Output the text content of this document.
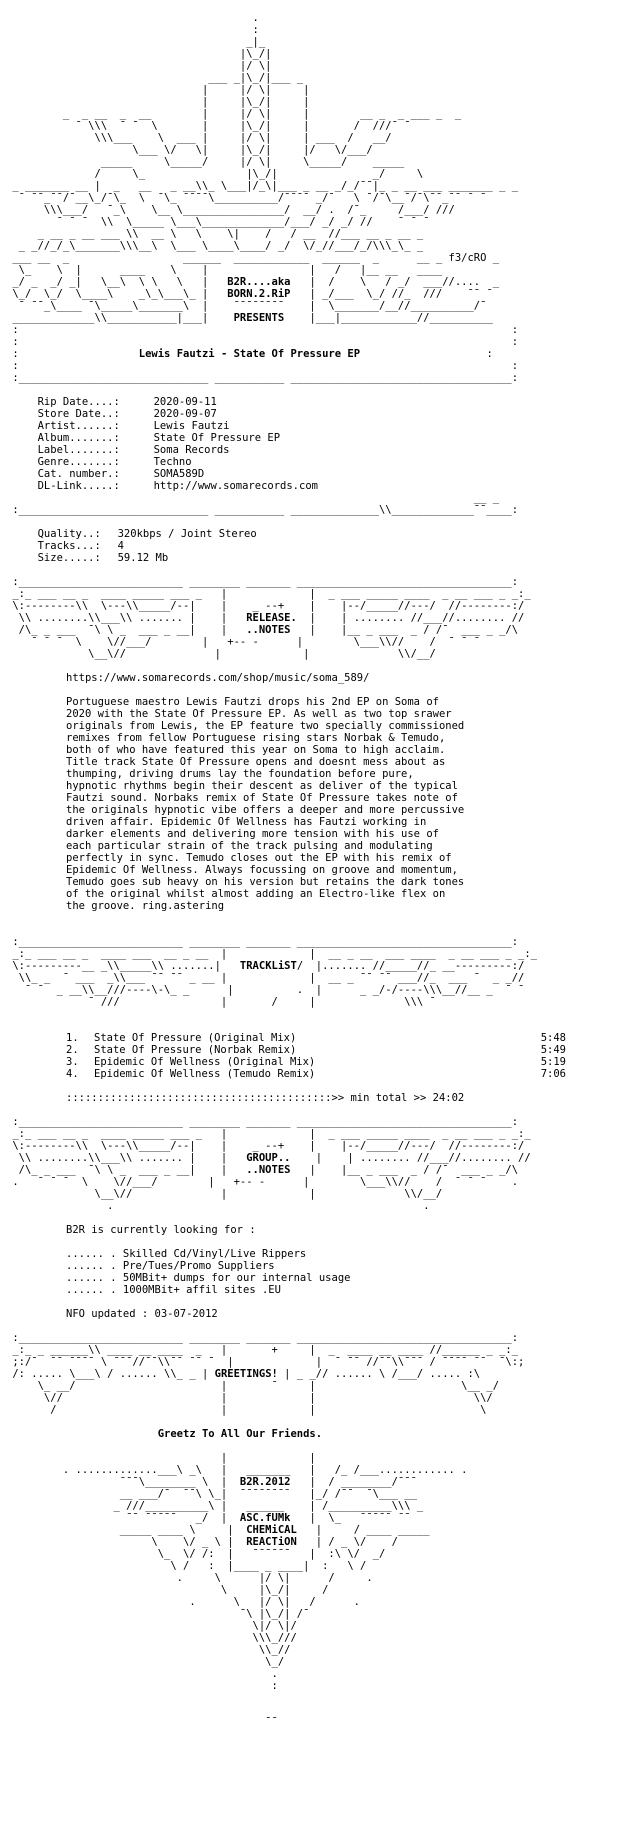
.
:
_|_
|\_/|
|/ \|
___ _|\_/|___ _
|     |/ \|     |
|     |\_/|     |
_  _ __  _  __        |     |/ \|     |        __ _  _ ___ _  _
¯ \\\  ¯ ¯  \       |     |\_/|     |       /  ///¯ ¯
\\\___    \  ___ |     |/ \|     | ___  /   __/
\___ \/   \|     |\_/|     |/   \/___/
_____     \_____/     |/ \|     \_____/    _____
/     \_                |\_/|               _/     \
_ _______ __ |  _   __   _ __\\_ \___|/_\|___ _ __ _/_/¯¯|_ _ __ ___ _______ _ _
¯ ¯¯_¯¯/¯__\_/¯\_  \  ¯\_ ¯¯¯¯\__________/¯¯¯¯ _/¯   \ ¯/¯\__¯/¯\¯¯_¯¯ ¯ ¯
\\\___/   ¯_\    \__ \________________/  __/ .  /¯_     /___/ ///
¯ ¯ ¯  \\  \_____ \___\_____________/___/ _/ _/ //    ¯ ¯ ¯
_ __ _ __ ___ \\  __ \   \    \|    /   / __  //___ __ _ __ _
_ _//_/_\_______\\\__\  \___ \____\____/ _/  \/_//___/_/\\\_\_ _

___ __  _                  ______  ____________  ______  _      __ _ f3/cRO _
\_    \  |      ____    \    |                |   /   |__ __   ____
_/ _  _/ _|   \__\  \ \   \   |   B2R....aka   |  /    \   / _/  ___//....  _
\_/  \_/  \____\    _\_\___\_ |   BORN.2.RiP   | _/___  \_/ //_  ///    ¯¯ ¯
¯ ¯¯_\____ ¯\_____\_______\  |    ¯¯¯¯¯¯¯¯    |  \_______/__//__________/¯
_____________\\___________|___|    PRESENTS    |___|____________//__________
:                                                                              :

:                                                                              :
:	Lewis Fautzi - State Of Pressure EP	:
:                                                                              :
:______________________________ ___________ ___________________________________:

Rip Date....:	2020-09-11
Store Date..:	2020-09-07
Artist......:	Lewis Fautzi
Album.......:	State Of Pressure EP
Label.......:	Soma Records
Genre.......:	Techno
Cat. number.:	SOMA589D
DL-Link.....:	http://www.somarecords.com
__ _
:______________________________ ___________ ______________\\_____________¯¯____:

Quality..: 320kbps / Joint Stereo
Tracks...: 4
Size.....: 59.12 Mb
:__________________________ ________ _______ __________________________________:
_:_ ___ __ _  ____ _____ ___ _   |             |  _ ___ _____ ____  _ __ ___ _ _:_
\:--------\\  \---\\_____/--|    |    _ --+    |    |--/_____//---/  //--------:/
\\ ........\\___\\ ....... |    |   RELEASE.  |    | ........ //___//........ //
/\_ _ ___  ¯\ \ _  ___ _ __|    |   ..NOTES   |    |__ _ ___  _ / /¯  ___ _ _/\
¯ ¯ ¯  \    \//___/        |   +-- -      |        \___\\//    /  ¯ ¯ ¯
\__\//              |             |              \\/__/

https://www.somarecords.com/shop/music/soma_589/
Portuguese maestro Lewis Fautzi drops his 2nd EP on Soma of
2020 with the State Of Pressure EP. As well as two top srawer
originals from Lewis, the EP feature two specially commissioned
remixes from fellow Portuguese rising stars Norbak & Temudo,
both of who have featured this year on Soma to high acclaim.
Title track State Of Pressure opens and doesnt mess about as
thumping, driving drums lay the foundation before pure,
hypnotic rhythms begin their descent as deliver of the typical
Fautzi sound. Norbaks remix of State Of Pressure takes note of
the originals hypnotic vibe offers a deeper and more percussive
driven affair. Epidemic Of Wellness has Fautzi working in
darker elements and delivering more tension with his use of
each particular strain of the track pulsing and modulating
perfectly in sync. Temudo closes out the EP with his remix of
Epidemic Of Wellness. Always focussing on groove and momentum,
Temudo goes sub heavy on his version but retains the dark tones
of the original whilst almost adding an Electro-like flex on
the groove. ring.astering
:__________________________ ________ _______ __________________________________:
_:_ ___ __ _  ____ ___  __ _ __  |             |  __ _ __  ___ ____  _ __ ___ _ _:_
\:---------__ _\\_____\\ .......|   TRACKLiST/  |....... //_____//_ __---------:/
\\_ _  ¯ ___  _\\___ ¯¯ ¯¯ _ __ |             |  __ _ ¯¯ ¯¯ ___//_  ___ ¯  _ _//
¯ ¯  _ __\\__///----\-\_ _      |          .  |      _ _/-/----\\\__//__ _  ¯ ¯
¯ ///                |       /     |              \\\ ¯

1. State Of Pressure (Original Mix)	5:48
2. State Of Pressure (Norbak Remix)	5:49
3. Epidemic Of Wellness (Original Mix)	5:19
4. Epidemic Of Wellness (Temudo Remix)	7:06
::::::::::::::::::::::::::::::::::::::::::>> min total >> 24:02
:__________________________ ________ _______ __________________________________:
_:_ ___ __ _  ____ _____ ___ _   |             |  _ ___ _____ ____  _ __ ___ _ _:_
\:--------\\  \---\\_____/--|    |    _ --+    |    |--/_____//---/  //--------:/
\\ ........\\___\\ ....... |    |   GROUP..    |    | ........ //___//........ //
/\_ _ ___  ¯\ \ _  ___ _ __|    |   ..NOTES   |    |__ _ ___  _ / /¯  ___ _ _/\
.   ¯ ¯ ¯  \    \//___/        |   +-- -      |        \___\\//    /  ¯ ¯ ¯    .
\__\//              |             |              \\/__/
.                                                 .

B2R is currently looking for :
...... . Skilled Cd/Vinyl/Live Rippers
...... . Pre/Tues/Promo Suppliers
...... . 50MBit+ dumps for our internal usage
...... . 1000MBit+ affil sites .EU
NFO updated : 03-07-2012
:__________________________ ________ _______ __________________________________:
_:_ _ ______\\ ____ __ ____  _   |       +     |  _  ____ __ ____ //______ _ _:_
;:/¯  ¯¯ ¯¯¯¯ \ ¯¯¯//¯¯\\¯¯ ¯¯ ¯  |             |  ¯ ¯¯ //¯¯\\¯¯¯ / ¯¯¯¯ ¯¯  ¯\:;
/: ..... \___\ / ...... \\_ _ | GREETINGS! | _ _// ...... \ /___/ ..... :\
\_ __/                       |       ¯     |                       \__ _/
\//                         |             |                         \\/
/                          |             |                          \

Greetz To All Our Friends.

|             |
. .............___\ _\   |   _______   |   /_ /___............ .
¯¯¯\________ \  |  B2R.2012   |  / ________/¯¯¯
__ ___/¯  ¯¯\ \_|  ¯¯¯¯¯¯¯¯   |_/ /¯¯  ¯\___ __
_ ///__________\ |   ______    | /__________\\\ _
¯¯ ¯¯¯¯¯   _/  |  ASC.fUMk   |  \_   ¯¯¯¯¯ ¯¯
_____ ____ \     |  CHEMiCAL   |     / ____ _____
\    \/ _ \ |  REACTiON   | / _ \/    /
\_  \/ /:  |   ¯¯¯¯¯¯   |  :\ \/  _/
\ /   :  |____ _ ____|  :   \ /
.     \      |/ \|      /     .
\     |\_/|     /
.      \   |/ \|   /      .
¯\ |\_/| /¯
\|/ \|/
\\\_///
\\_//
\_/
.
:

¯¯
